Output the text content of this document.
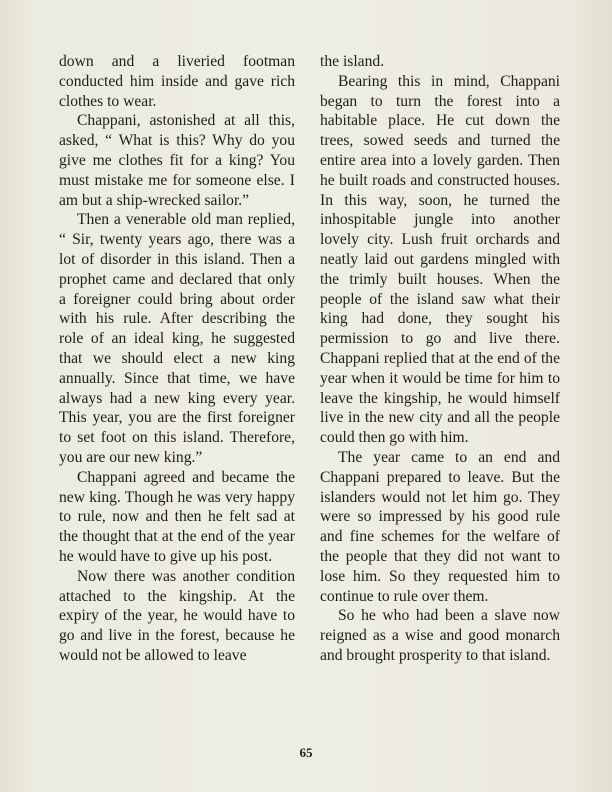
down and a liveried footman conducted him inside and gave rich clothes to wear.

Chappani, astonished at all this, asked, “ What is this? Why do you give me clothes fit for a king? You must mistake me for someone else. I am but a ship-wrecked sailor.”

Then a venerable old man replied, “ Sir, twenty years ago, there was a lot of disorder in this island. Then a prophet came and declared that only a foreigner could bring about order with his rule. After describing the role of an ideal king, he suggested that we should elect a new king annually. Since that time, we have always had a new king every year. This year, you are the first foreigner to set foot on this island. Therefore, you are our new king.”

Chappani agreed and became the new king. Though he was very happy to rule, now and then he felt sad at the thought that at the end of the year he would have to give up his post.

Now there was another condition attached to the kingship. At the expiry of the year, he would have to go and live in the forest, because he would not be allowed to leave

the island.

Bearing this in mind, Chappani began to turn the forest into a habitable place. He cut down the trees, sowed seeds and turned the entire area into a lovely garden. Then he built roads and constructed houses. In this way, soon, he turned the inhospitable jungle into another lovely city. Lush fruit orchards and neatly laid out gardens mingled with the trimly built houses. When the people of the island saw what their king had done, they sought his permission to go and live there. Chappani replied that at the end of the year when it would be time for him to leave the kingship, he would himself live in the new city and all the people could then go with him.

The year came to an end and Chappani prepared to leave. But the islanders would not let him go. They were so impressed by his good rule and fine schemes for the welfare of the people that they did not want to lose him. So they requested him to continue to rule over them.

So he who had been a slave now reigned as a wise and good monarch and brought prosperity to that island.

65
